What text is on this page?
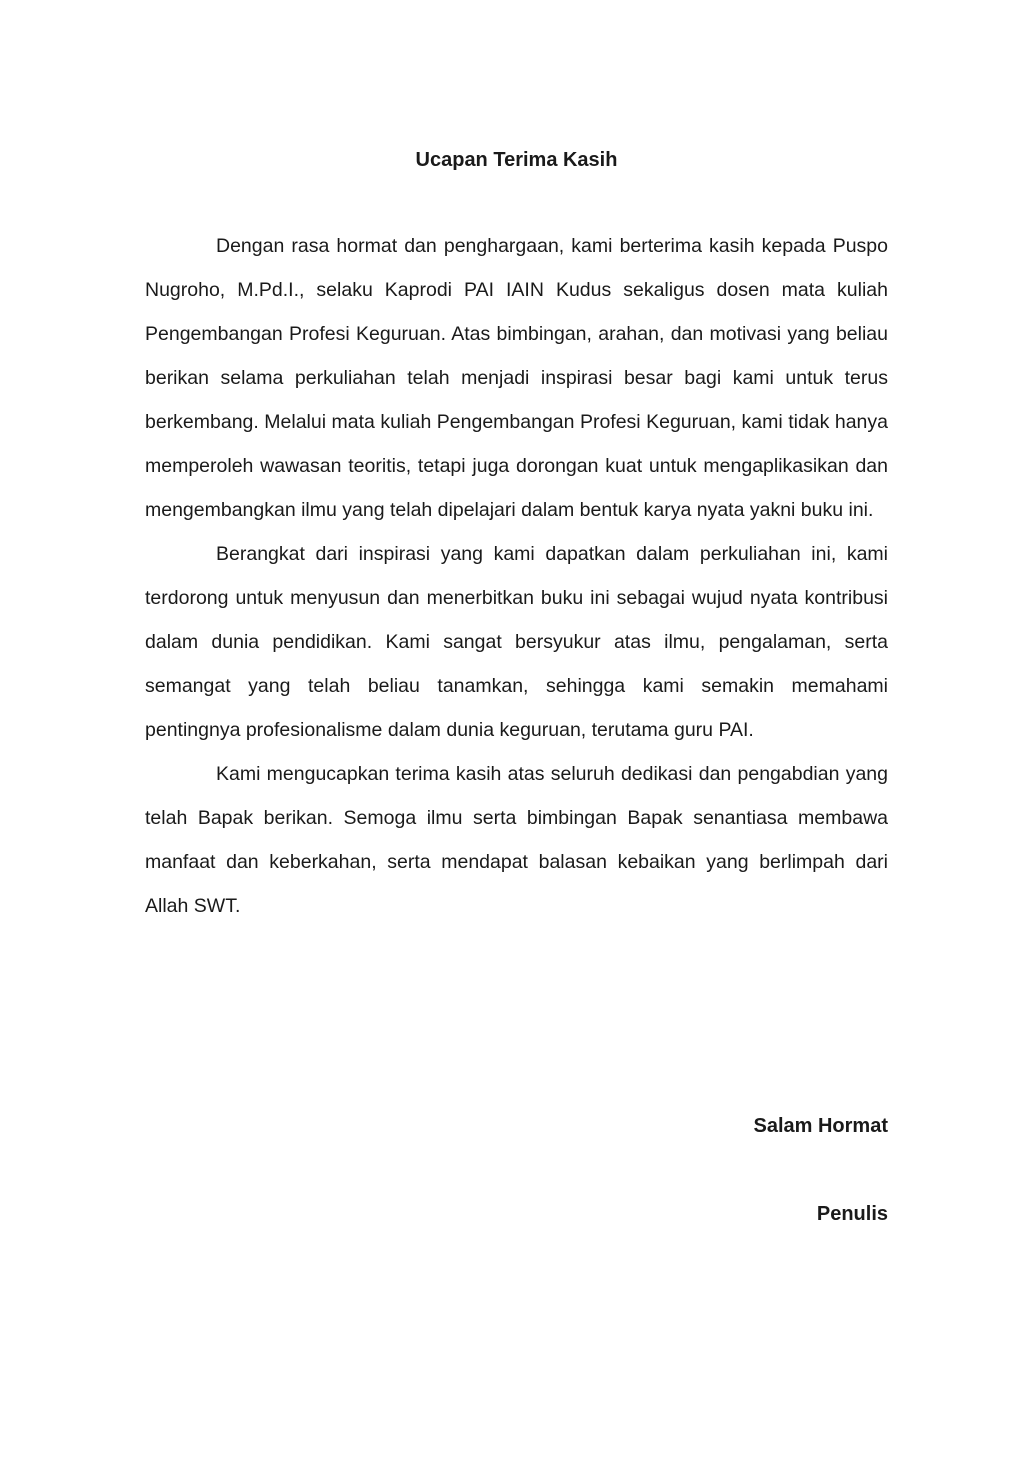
Ucapan Terima Kasih

Dengan rasa hormat dan penghargaan, kami berterima kasih kepada Puspo Nugroho, M.Pd.I., selaku Kaprodi PAI IAIN Kudus sekaligus dosen mata kuliah Pengembangan Profesi Keguruan. Atas bimbingan, arahan, dan motivasi yang beliau berikan selama perkuliahan telah menjadi inspirasi besar bagi kami untuk terus berkembang. Melalui mata kuliah Pengembangan Profesi Keguruan, kami tidak hanya memperoleh wawasan teoritis, tetapi juga dorongan kuat untuk mengaplikasikan dan mengembangkan ilmu yang telah dipelajari dalam bentuk karya nyata yakni buku ini.

Berangkat dari inspirasi yang kami dapatkan dalam perkuliahan ini, kami terdorong untuk menyusun dan menerbitkan buku ini sebagai wujud nyata kontribusi dalam dunia pendidikan. Kami sangat bersyukur atas ilmu, pengalaman, serta semangat yang telah beliau tanamkan, sehingga kami semakin memahami pentingnya profesionalisme dalam dunia keguruan, terutama guru PAI.

Kami mengucapkan terima kasih atas seluruh dedikasi dan pengabdian yang telah Bapak berikan. Semoga ilmu serta bimbingan Bapak senantiasa membawa manfaat dan keberkahan, serta mendapat balasan kebaikan yang berlimpah dari Allah SWT.

Salam Hormat

Penulis
